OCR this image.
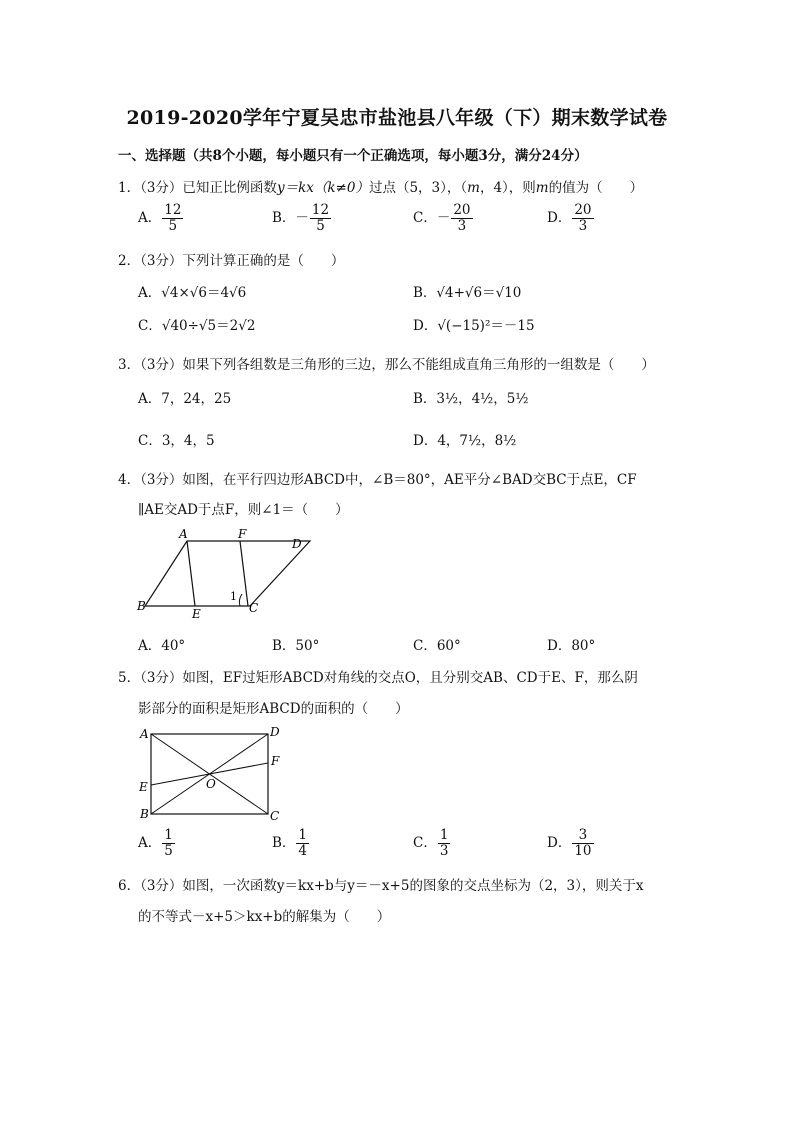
2019-2020学年宁夏吴忠市盐池县八年级（下）期末数学试卷
一、选择题（共8个小题，每小题只有一个正确选项，每小题3分，满分24分）
1．（3分）已知正比例函数y＝kx（k≠0）过点（5，3），（m，4），则m的值为（　　）
A． $\frac{12}{5}$	B．－ $\frac{12}{5}$	C．－ $\frac{20}{3}$	D． $\frac{20}{3}$
2．（3分）下列计算正确的是（　　）
A．√4×√6＝4√6	B．√4+√6＝√10
C．√40÷√5＝2√2	D．√(−15)²＝－15
3．（3分）如果下列各组数是三角形的三边，那么不能组成直角三角形的一组数是（　　）
A．7，24，25	B．3½，4½，5½
C．3，4，5	D．4，7½，8½
4．（3分）如图，在平行四边形ABCD中，∠B＝80°，AE平分∠BAD交BC于点E，CF
∥AE交AD于点F，则∠1＝（　　）
A	F
D
B
E	C
1
A．40°	B．50°	C．60°	D．80°
5．（3分）如图，EF过矩形ABCD对角线的交点O，且分别交AB、CD于E、F，那么阴
影部分的面积是矩形ABCD的面积的（　　）
A	D
F
E	O
B	C
A． $\frac{1}{5}$	B． $\frac{1}{4}$	C． $\frac{1}{3}$	D． $\frac{3}{10}$
6．（3分）如图，一次函数y＝kx+b与y＝－x+5的图象的交点坐标为（2，3），则关于x
的不等式－x+5＞kx+b的解集为（　　）
